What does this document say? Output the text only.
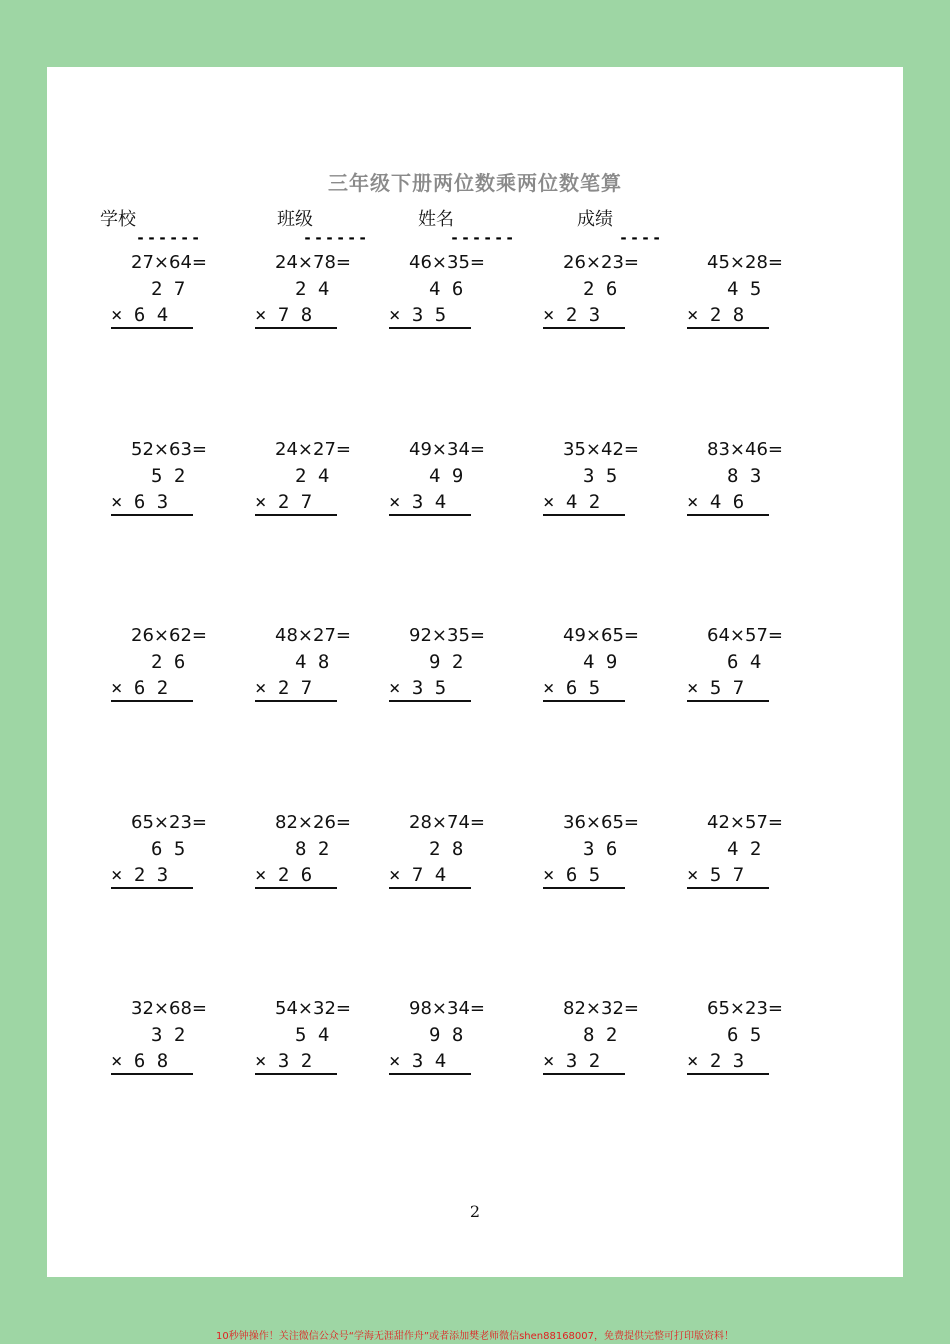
三年级下册两位数乘两位数笔算
学校
------
班级
------
姓名
------
成绩
----
27×64=
2 7
× 6 4
24×78=
2 4
× 7 8
46×35=
4 6
× 3 5
26×23=
2 6
× 2 3
45×28=
4 5
× 2 8
52×63=
5 2
× 6 3
24×27=
2 4
× 2 7
49×34=
4 9
× 3 4
35×42=
3 5
× 4 2
83×46=
8 3
× 4 6
26×62=
2 6
× 6 2
48×27=
4 8
× 2 7
92×35=
9 2
× 3 5
49×65=
4 9
× 6 5
64×57=
6 4
× 5 7
65×23=
6 5
× 2 3
82×26=
8 2
× 2 6
28×74=
2 8
× 7 4
36×65=
3 6
× 6 5
42×57=
4 2
× 5 7
32×68=
3 2
× 6 8
54×32=
5 4
× 3 2
98×34=
9 8
× 3 4
82×32=
8 2
× 3 2
65×23=
6 5
× 2 3
2
10秒钟操作！关注微信公众号“学海无涯甜作舟”或者添加樊老师微信shen88168007，免费提供完整可打印版资料！
